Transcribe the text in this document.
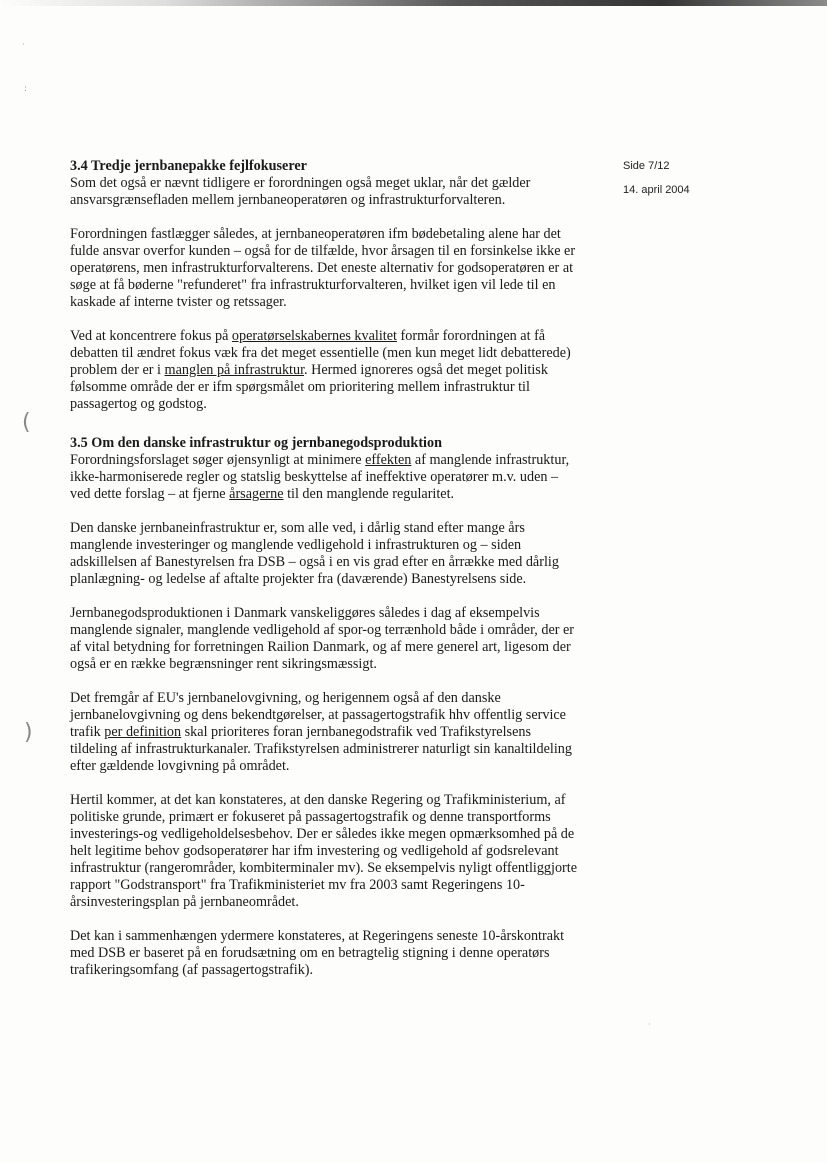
·
:
(
)
·
Side 7/12
14. april 2004
3.4 Tredje jernbanepakke fejlfokuserer

Som det også er nævnt tidligere er forordningen også meget uklar, når det gælder ansvarsgrænsefladen mellem jernbaneoperatøren og infrastrukturforvalteren.

Forordningen fastlægger således, at jernbaneoperatøren ifm bødebetaling alene har det fulde ansvar overfor kunden – også for de tilfælde, hvor årsagen til en forsinkelse ikke er operatørens, men infrastrukturforvalterens. Det eneste alternativ for godsoperatøren er at søge at få bøderne "refunderet" fra infrastrukturforvalteren, hvilket igen vil lede til en kaskade af interne tvister og retssager.

Ved at koncentrere fokus på operatørselskabernes kvalitet formår forordningen at få debatten til ændret fokus væk fra det meget essentielle (men kun meget lidt debatterede) problem der er i manglen på infrastruktur. Hermed ignoreres også det meget politisk følsomme område der er ifm spørgsmålet om prioritering mellem infrastruktur til passagertog og godstog.

3.5 Om den danske infrastruktur og jernbanegodsproduktion

Forordningsforslaget søger øjensynligt at minimere effekten af manglende infrastruktur, ikke-harmoniserede regler og statslig beskyttelse af ineffektive operatører m.v. uden – ved dette forslag – at fjerne årsagerne til den manglende regularitet.

Den danske jernbaneinfrastruktur er, som alle ved, i dårlig stand efter mange års manglende investeringer og manglende vedligehold i infrastrukturen og – siden adskillelsen af Banestyrelsen fra DSB – også i en vis grad efter en årrække med dårlig planlægning- og ledelse af aftalte projekter fra (daværende) Banestyrelsens side.

Jernbanegodsproduktionen i Danmark vanskeliggøres således i dag af eksempelvis manglende signaler, manglende vedligehold af spor-og terrænhold både i områder, der er af vital betydning for forretningen Railion Danmark, og af mere generel art, ligesom der også er en række begrænsninger rent sikringsmæssigt.

Det fremgår af EU's jernbanelovgivning, og herigennem også af den danske jernbanelovgivning og dens bekendtgørelser, at passagertogstrafik hhv offentlig service trafik per definition skal prioriteres foran jernbanegodstrafik ved Trafikstyrelsens tildeling af infrastrukturkanaler. Trafikstyrelsen administrerer naturligt sin kanaltildeling efter gældende lovgivning på området.

Hertil kommer, at det kan konstateres, at den danske Regering og Trafikministerium, af politiske grunde, primært er fokuseret på passagertogstrafik og denne transportforms investerings-og vedligeholdelsesbehov. Der er således ikke megen opmærksomhed på de helt legitime behov godsoperatører har ifm investering og vedligehold af godsrelevant infrastruktur (rangerområder, kombiterminaler mv). Se eksempelvis nyligt offentliggjorte rapport "Godstransport" fra Trafikministeriet mv fra 2003 samt Regeringens 10-årsinvesteringsplan på jernbaneområdet.

Det kan i sammenhængen ydermere konstateres, at Regeringens seneste 10-årskontrakt med DSB er baseret på en forudsætning om en betragtelig stigning i denne operatørs trafikeringsomfang (af passagertogstrafik).
